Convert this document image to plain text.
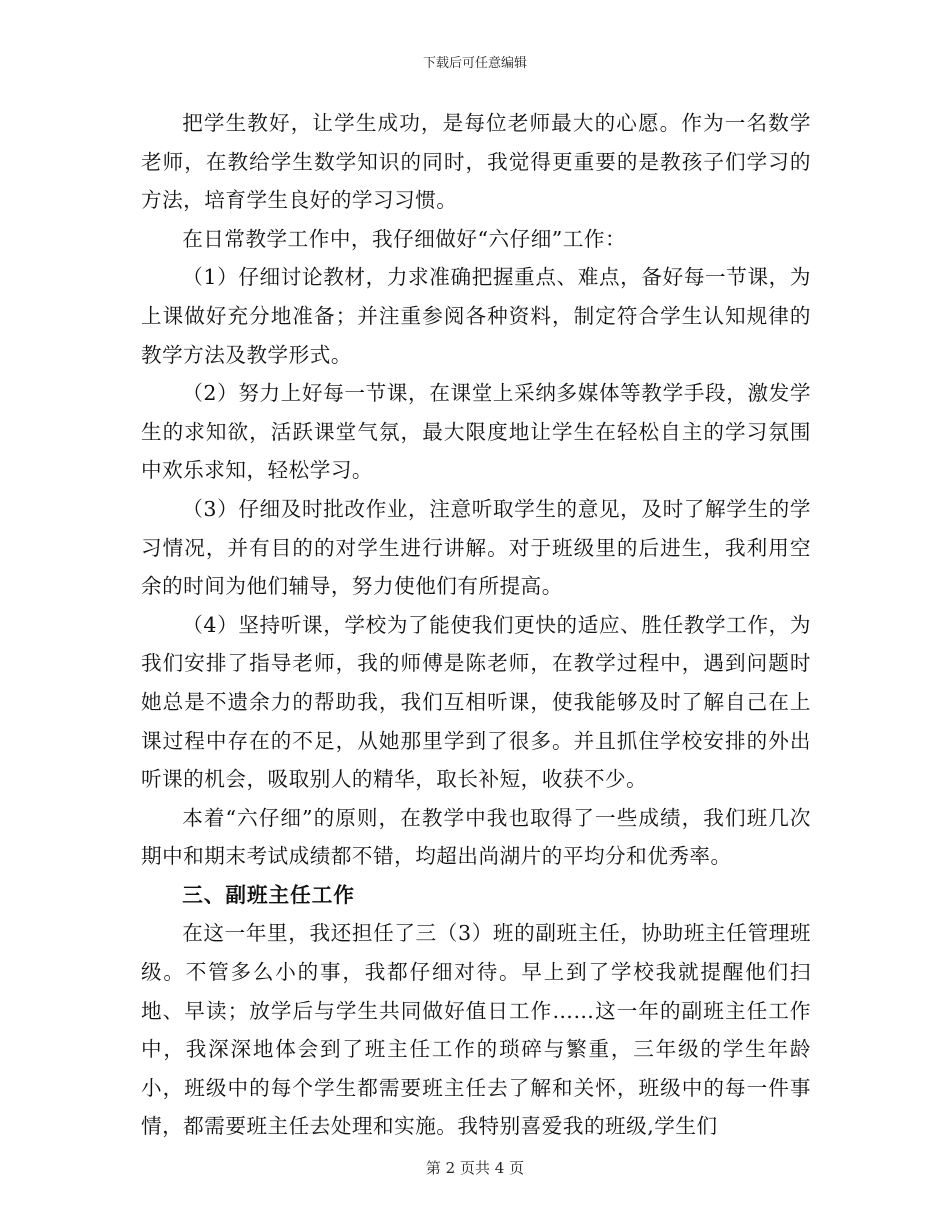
下载后可任意编辑

把学生教好，让学生成功，是每位老师最大的心愿。作为一名数学老师，在教给学生数学知识的同时，我觉得更重要的是教孩子们学习的方法，培育学生良好的学习习惯。

在日常教学工作中，我仔细做好“六仔细”工作：

（1）仔细讨论教材，力求准确把握重点、难点，备好每一节课，为上课做好充分地准备；并注重参阅各种资料，制定符合学生认知规律的教学方法及教学形式。

（2）努力上好每一节课，在课堂上采纳多媒体等教学手段，激发学生的求知欲，活跃课堂气氛，最大限度地让学生在轻松自主的学习氛围中欢乐求知，轻松学习。

（3）仔细及时批改作业，注意听取学生的意见，及时了解学生的学习情况，并有目的的对学生进行讲解。对于班级里的后进生，我利用空余的时间为他们辅导，努力使他们有所提高。

（4）坚持听课，学校为了能使我们更快的适应、胜任教学工作，为我们安排了指导老师，我的师傅是陈老师，在教学过程中，遇到问题时她总是不遗余力的帮助我，我们互相听课，使我能够及时了解自己在上课过程中存在的不足，从她那里学到了很多。并且抓住学校安排的外出听课的机会，吸取别人的精华，取长补短，收获不少。

本着“六仔细”的原则，在教学中我也取得了一些成绩，我们班几次期中和期末考试成绩都不错，均超出尚湖片的平均分和优秀率。

三、副班主任工作

在这一年里，我还担任了三（3）班的副班主任，协助班主任管理班级。不管多么小的事，我都仔细对待。早上到了学校我就提醒他们扫地、早读；放学后与学生共同做好值日工作……这一年的副班主任工作中，我深深地体会到了班主任工作的琐碎与繁重，三年级的学生年龄小，班级中的每个学生都需要班主任去了解和关怀，班级中的每一件事情，都需要班主任去处理和实施。我特别喜爱我的班级,学生们

第 2 页共 4 页
